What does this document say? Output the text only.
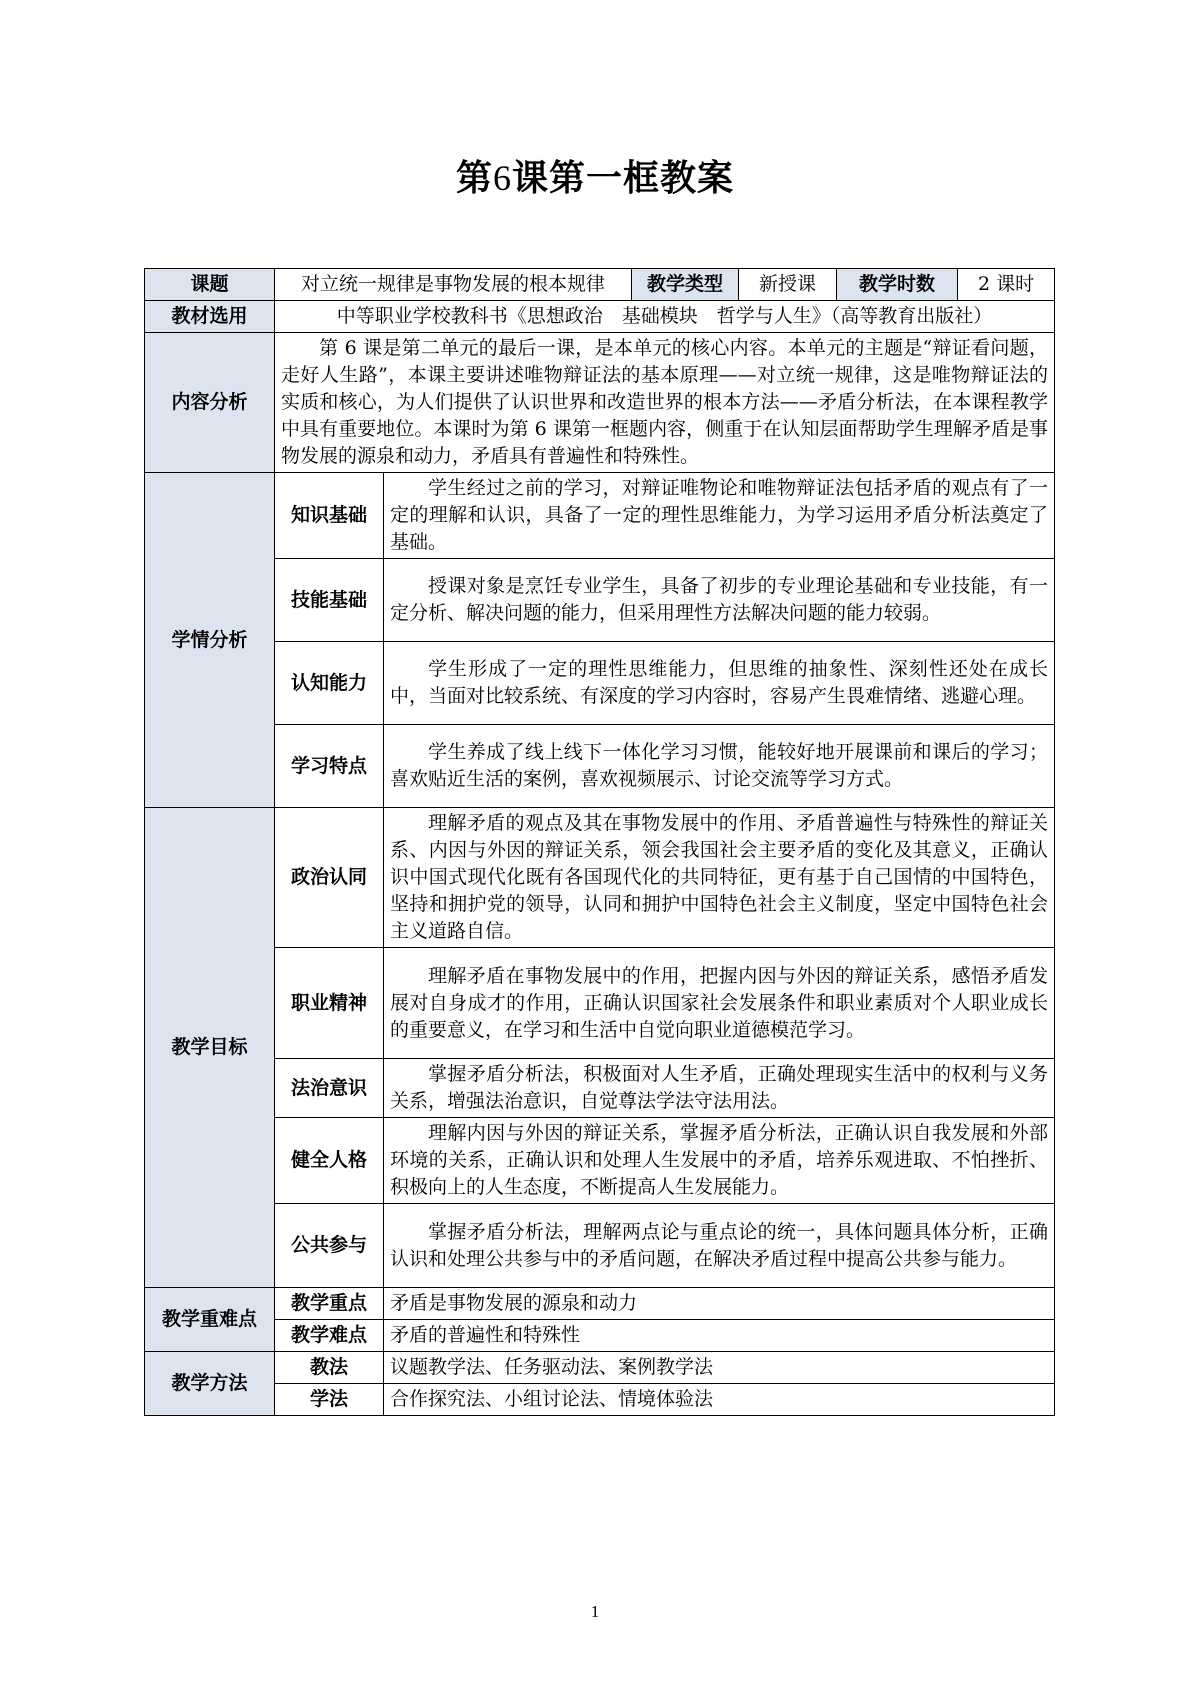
第6课第一框教案
课题	对立统一规律是事物发展的根本规律		教学类型	新授课	教学时数	2 课时
教材选用	中等职业学校教科书《思想政治　基础模块　哲学与人生》（高等教育出版社）					
内容分析	第 6 课是第二单元的最后一课，是本单元的核心内容。本单元的主题是“辩证看问题，走好人生路”，本课主要讲述唯物辩证法的基本原理——对立统一规律，这是唯物辩证法的实质和核心，为人们提供了认识世界和改造世界的根本方法——矛盾分析法，在本课程教学中具有重要地位。本课时为第 6 课第一框题内容，侧重于在认知层面帮助学生理解矛盾是事物发展的源泉和动力，矛盾具有普遍性和特殊性。					
学情分析	知识基础	学生经过之前的学习，对辩证唯物论和唯物辩证法包括矛盾的观点有了一定的理解和认识，具备了一定的理性思维能力，为学习运用矛盾分析法奠定了基础。				
	技能基础	授课对象是烹饪专业学生，具备了初步的专业理论基础和专业技能，有一定分析、解决问题的能力，但采用理性方法解决问题的能力较弱。				
	认知能力	学生形成了一定的理性思维能力，但思维的抽象性、深刻性还处在成长中，当面对比较系统、有深度的学习内容时，容易产生畏难情绪、逃避心理。				
	学习特点	学生养成了线上线下一体化学习习惯，能较好地开展课前和课后的学习；喜欢贴近生活的案例，喜欢视频展示、讨论交流等学习方式。				
教学目标	政治认同	理解矛盾的观点及其在事物发展中的作用、矛盾普遍性与特殊性的辩证关系、内因与外因的辩证关系，领会我国社会主要矛盾的变化及其意义，正确认识中国式现代化既有各国现代化的共同特征，更有基于自己国情的中国特色，坚持和拥护党的领导，认同和拥护中国特色社会主义制度，坚定中国特色社会主义道路自信。				
	职业精神	理解矛盾在事物发展中的作用，把握内因与外因的辩证关系，感悟矛盾发展对自身成才的作用，正确认识国家社会发展条件和职业素质对个人职业成长的重要意义，在学习和生活中自觉向职业道德模范学习。				
	法治意识	掌握矛盾分析法，积极面对人生矛盾，正确处理现实生活中的权利与义务关系，增强法治意识，自觉尊法学法守法用法。				
	健全人格	理解内因与外因的辩证关系，掌握矛盾分析法，正确认识自我发展和外部环境的关系，正确认识和处理人生发展中的矛盾，培养乐观进取、不怕挫折、积极向上的人生态度，不断提高人生发展能力。				
	公共参与	掌握矛盾分析法，理解两点论与重点论的统一，具体问题具体分析，正确认识和处理公共参与中的矛盾问题，在解决矛盾过程中提高公共参与能力。				
教学重难点	教学重点	矛盾是事物发展的源泉和动力				
	教学难点	矛盾的普遍性和特殊性				
教学方法	教法	议题教学法、任务驱动法、案例教学法				
	学法	合作探究法、小组讨论法、情境体验法				
1
